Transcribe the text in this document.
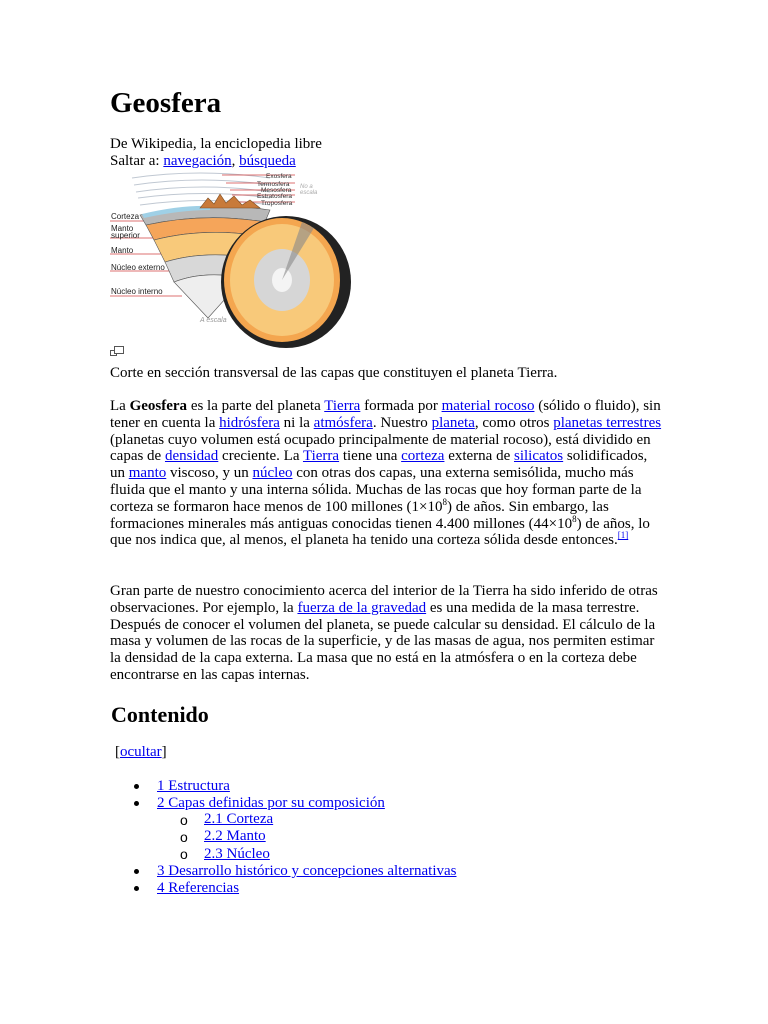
Geosfera
De Wikipedia, la enciclopedia libre
Saltar a: navegación, búsqueda
Exosfera
Termosfera
Mesosfera
Estratosfera
Troposfera
No a
escala
Corteza
Manto
superior
Manto
Núcleo externo
Núcleo interno
A escala
Corte en sección transversal de las capas que constituyen el planeta Tierra.

La Geosfera es la parte del planeta Tierra formada por material rocoso (sólido o fluido), sin tener en cuenta la hidrósfera ni la atmósfera. Nuestro planeta, como otros planetas terrestres (planetas cuyo volumen está ocupado principalmente de material rocoso), está dividido en capas de densidad creciente. La Tierra tiene una corteza externa de silicatos solidificados, un manto viscoso, y un núcleo con otras dos capas, una externa semisólida, mucho más fluida que el manto y una interna sólida. Muchas de las rocas que hoy forman parte de la corteza se formaron hace menos de 100 millones $(1\times 10^8)$ de años. Sin embargo, las formaciones minerales más antiguas conocidas tienen 4.400 millones $(44\times 10^8)$ de años, lo que nos indica que, al menos, el planeta ha tenido una corteza sólida desde entonces.[1]

Gran parte de nuestro conocimiento acerca del interior de la Tierra ha sido inferido de otras observaciones. Por ejemplo, la fuerza de la gravedad es una medida de la masa terrestre. Después de conocer el volumen del planeta, se puede calcular su densidad. El cálculo de la masa y volumen de las rocas de la superficie, y de las masas de agua, nos permiten estimar la densidad de la capa externa. La masa que no está en la atmósfera o en la corteza debe encontrarse en las capas internas.

Contenido
[ocultar]
1 Estructura
2 Capas definidas por su composición
o 2.1 Corteza
o 2.2 Manto
o 2.3 Núcleo
3 Desarrollo histórico y concepciones alternativas
4 Referencias
